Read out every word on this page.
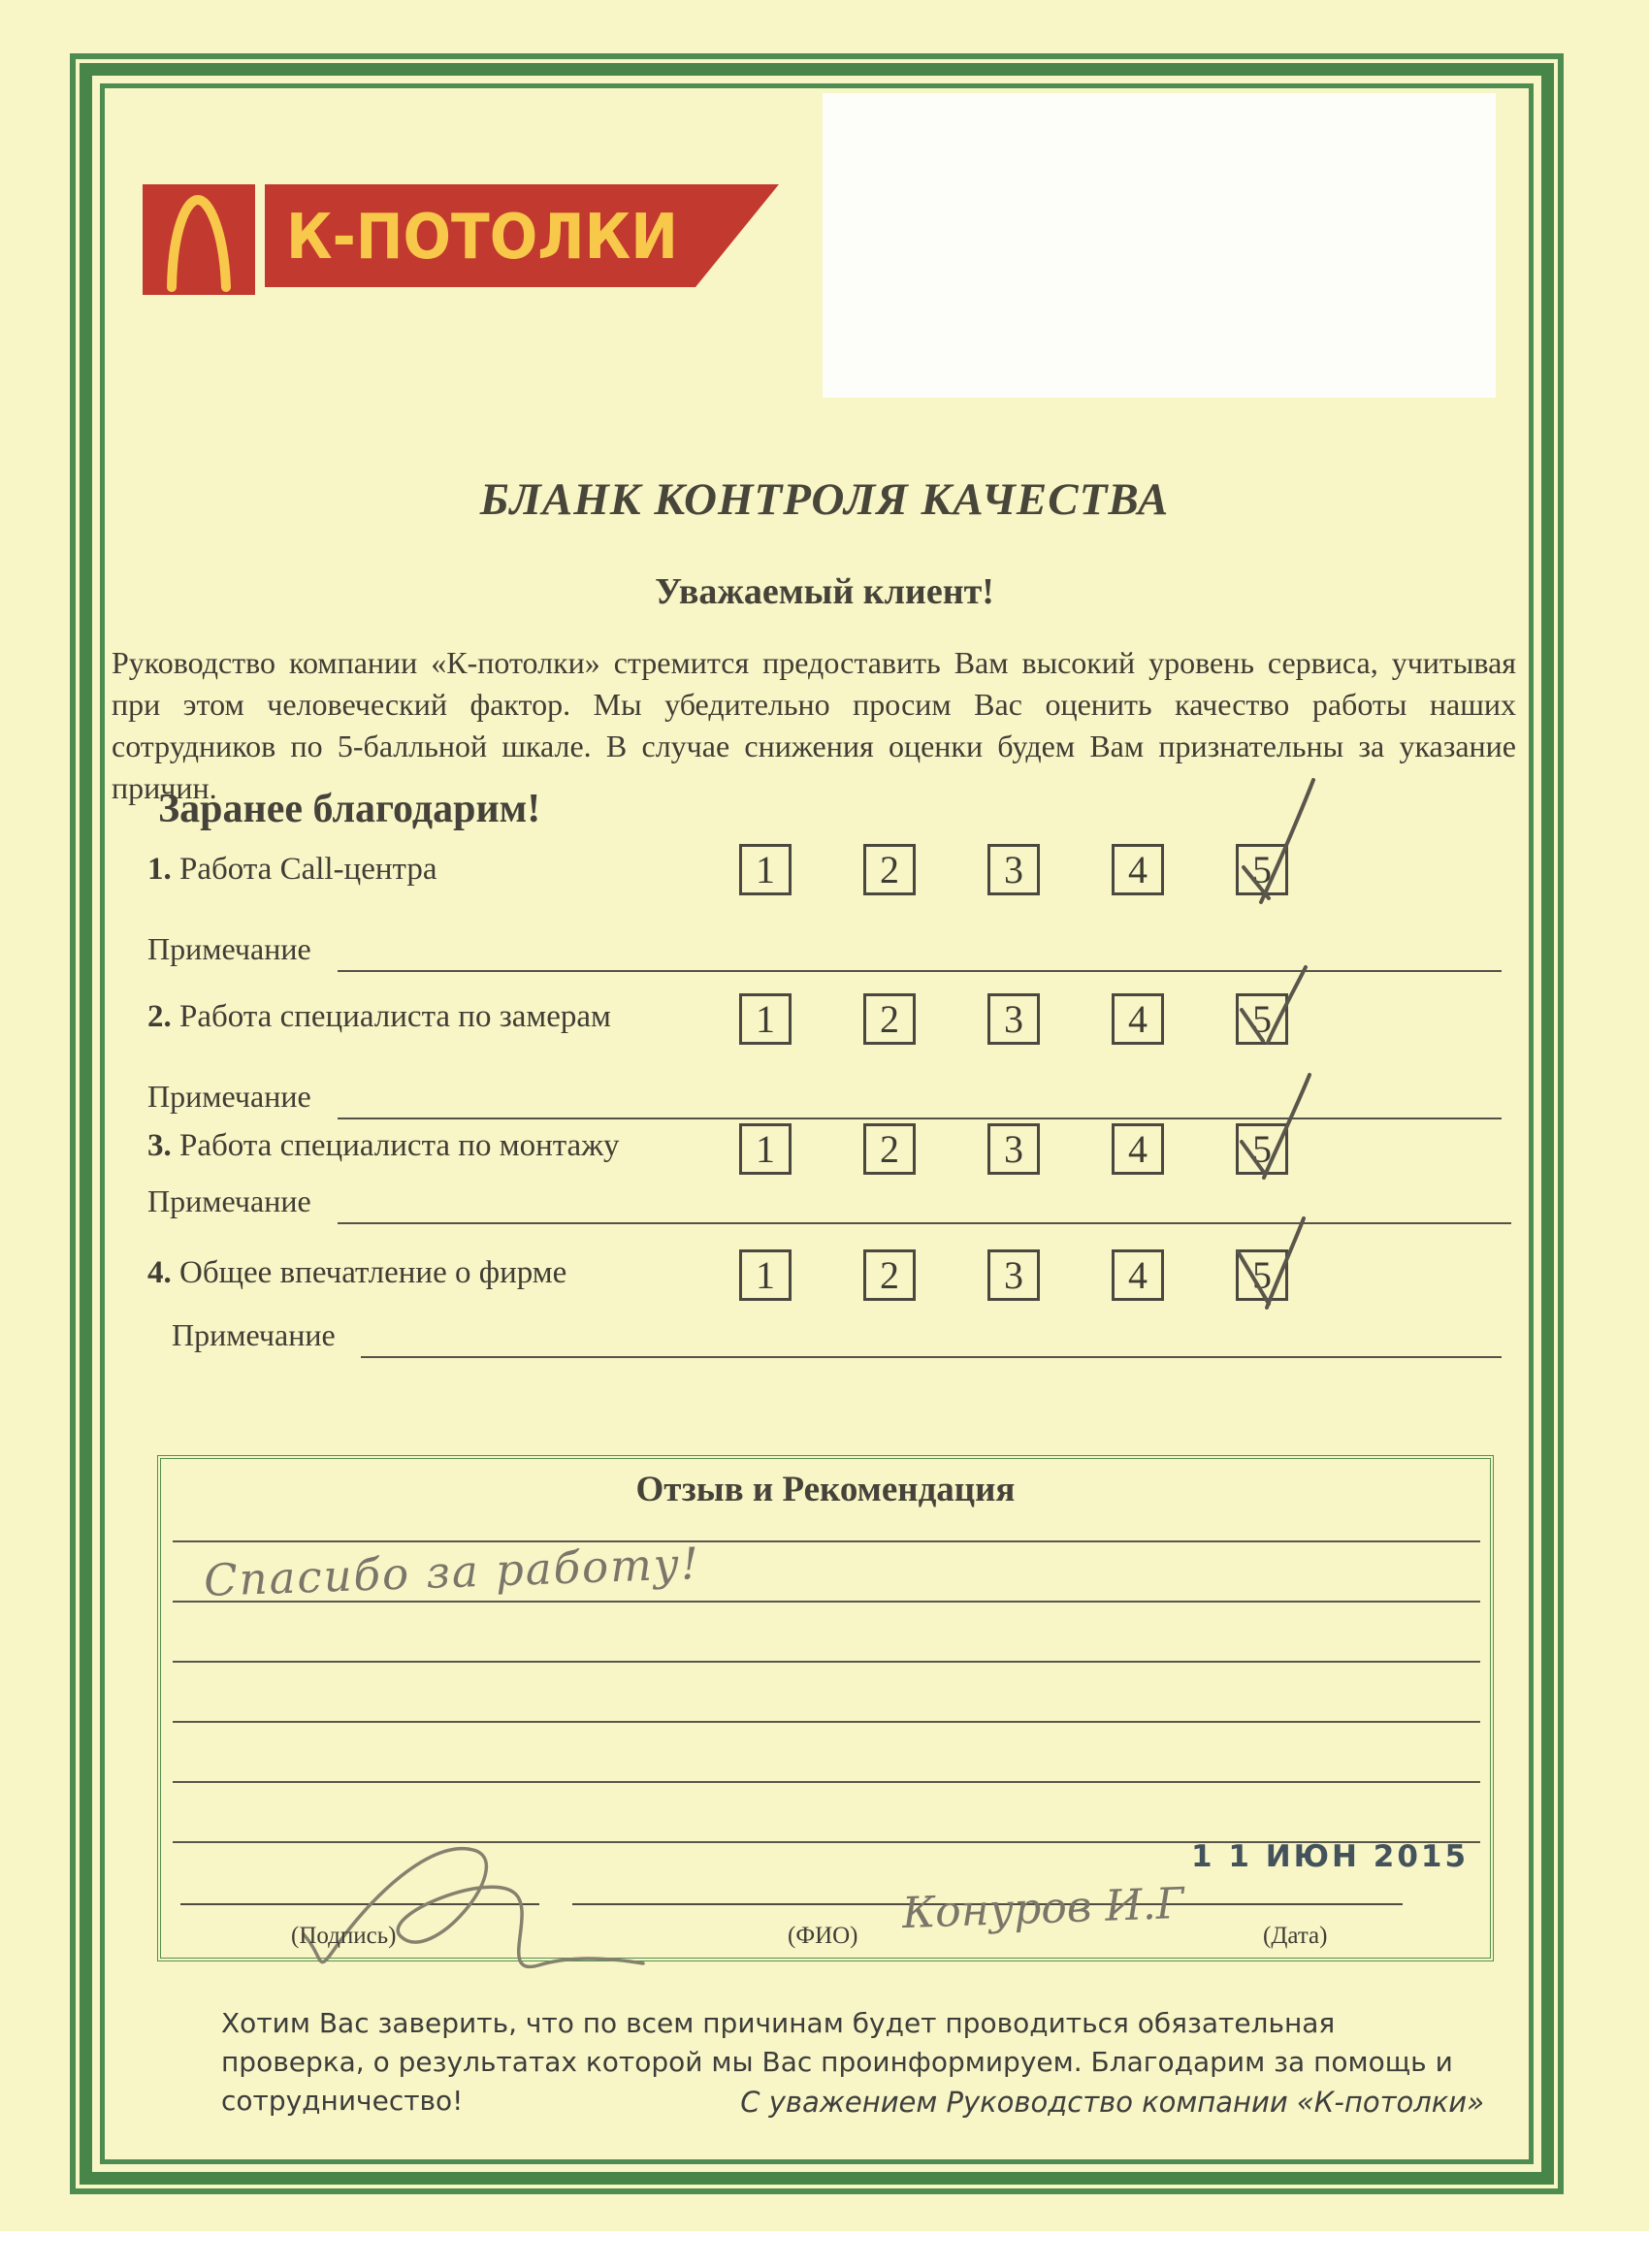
К-ПОТОЛКИ
БЛАНК КОНТРОЛЯ КАЧЕСТВА
Уважаемый клиент!
Руководство компании «К-потолки» стремится предоставить Вам высокий уровень сервиса, учитывая при этом человеческий фактор. Мы убедительно просим Вас оценить качество работы наших сотрудников по 5-балльной шкале. В случае снижения оценки будем Вам признательны за указание причин.
Заранее благодарим!
1. Работа Call-центра	1	2	3	4	5
Примечание
2. Работа специалиста по замерам	1	2	3	4	5
Примечание
3. Работа специалиста по монтажу	1	2	3	4	5
Примечание
4. Общее впечатление о фирме	1	2	3	4	5
Примечание
Отзыв и Рекомендация
Спасибо за работу!
1 1 ИЮН 2015
Конуров И.Г
(Подпись)	(ФИО)	(Дата)
Хотим Вас заверить, что по всем причинам будет проводиться обязательная проверка, о результатах которой мы Вас проинформируем. Благодарим за помощь и сотрудничество!	С уважением Руководство компании «К-потолки»
